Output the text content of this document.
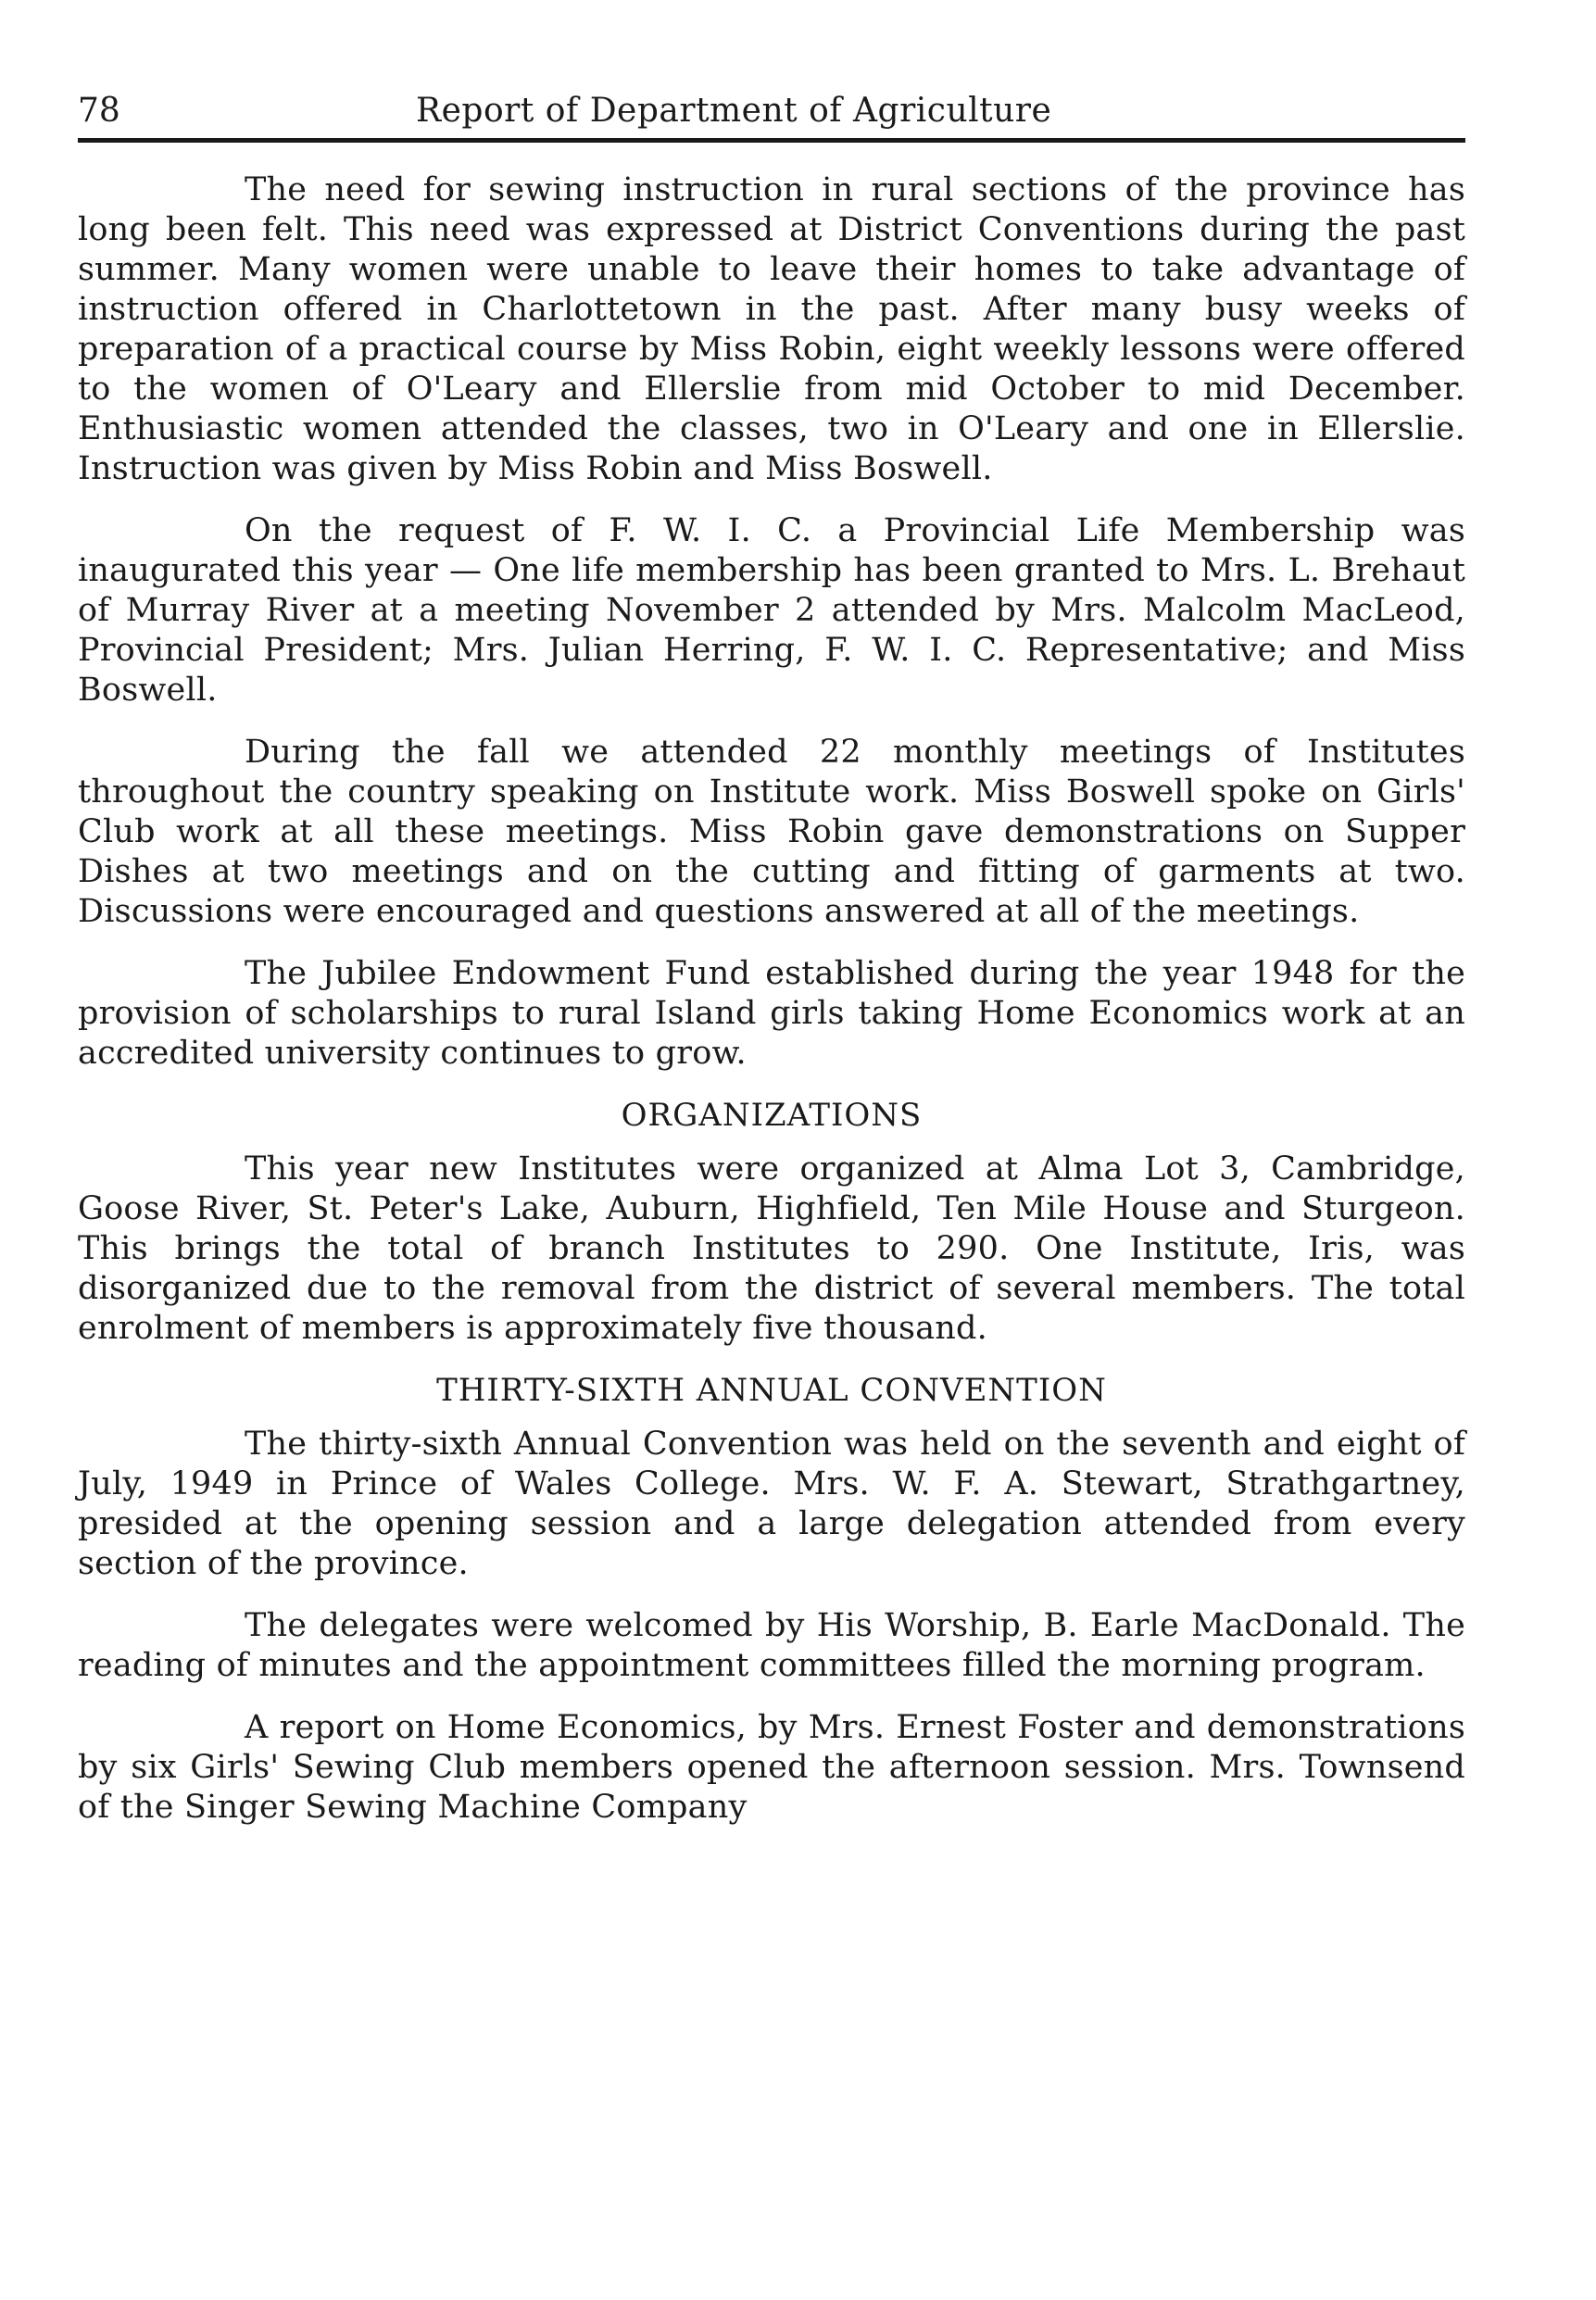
78	Report of Department of Agriculture

The need for sewing instruction in rural sections of the province has long been felt. This need was expressed at District Conventions during the past summer. Many women were unable to leave their homes to take advantage of instruction offered in Charlottetown in the past. After many busy weeks of preparation of a practical course by Miss Robin, eight weekly lessons were offered to the women of O'Leary and Ellerslie from mid October to mid December. Enthusiastic women attended the classes, two in O'Leary and one in Ellerslie. Instruction was given by Miss Robin and Miss Boswell.

On the request of F. W. I. C. a Provincial Life Membership was inaugurated this year — One life membership has been granted to Mrs. L. Brehaut of Murray River at a meeting November 2 attended by Mrs. Malcolm MacLeod, Provincial President; Mrs. Julian Herring, F. W. I. C. Representative; and Miss Boswell.

During the fall we attended 22 monthly meetings of Institutes throughout the country speaking on Institute work. Miss Boswell spoke on Girls' Club work at all these meetings. Miss Robin gave demonstrations on Supper Dishes at two meetings and on the cutting and fitting of garments at two. Discussions were encouraged and questions answered at all of the meetings.

The Jubilee Endowment Fund established during the year 1948 for the provision of scholarships to rural Island girls taking Home Economics work at an accredited university continues to grow.

ORGANIZATIONS

This year new Institutes were organized at Alma Lot 3, Cambridge, Goose River, St. Peter's Lake, Auburn, Highfield, Ten Mile House and Sturgeon. This brings the total of branch Institutes to 290. One Institute, Iris, was disorganized due to the removal from the district of several members. The total enrolment of members is approximately five thousand.

THIRTY-SIXTH ANNUAL CONVENTION

The thirty-sixth Annual Convention was held on the seventh and eight of July, 1949 in Prince of Wales College. Mrs. W. F. A. Stewart, Strathgartney, presided at the opening session and a large delegation attended from every section of the province.

The delegates were welcomed by His Worship, B. Earle MacDonald. The reading of minutes and the appointment committees filled the morning program.

A report on Home Economics, by Mrs. Ernest Foster and demonstrations by six Girls' Sewing Club members opened the afternoon session. Mrs. Townsend of the Singer Sewing Machine Company
